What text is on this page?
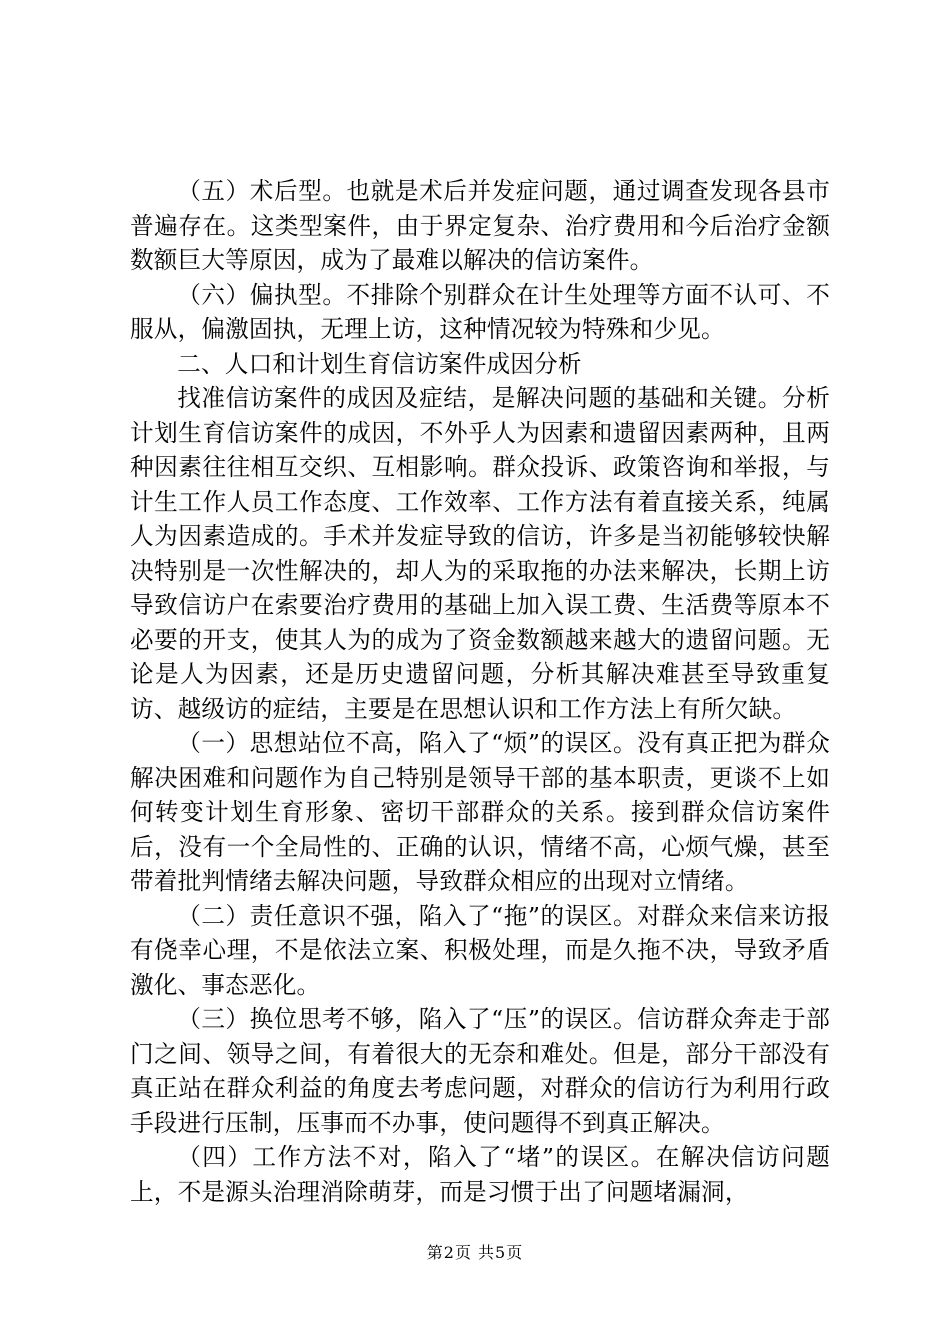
（五）术后型。也就是术后并发症问题，通过调查发现各县市普遍存在。这类型案件，由于界定复杂、治疗费用和今后治疗金额数额巨大等原因，成为了最难以解决的信访案件。

（六）偏执型。不排除个别群众在计生处理等方面不认可、不服从，偏激固执，无理上访，这种情况较为特殊和少见。

二、人口和计划生育信访案件成因分析

找准信访案件的成因及症结，是解决问题的基础和关键。分析计划生育信访案件的成因，不外乎人为因素和遗留因素两种，且两种因素往往相互交织、互相影响。群众投诉、政策咨询和举报，与计生工作人员工作态度、工作效率、工作方法有着直接关系，纯属人为因素造成的。手术并发症导致的信访，许多是当初能够较快解决特别是一次性解决的，却人为的采取拖的办法来解决，长期上访导致信访户在索要治疗费用的基础上加入误工费、生活费等原本不必要的开支，使其人为的成为了资金数额越来越大的遗留问题。无论是人为因素，还是历史遗留问题，分析其解决难甚至导致重复访、越级访的症结，主要是在思想认识和工作方法上有所欠缺。

（一）思想站位不高，陷入了“烦”的误区。没有真正把为群众解决困难和问题作为自己特别是领导干部的基本职责，更谈不上如何转变计划生育形象、密切干部群众的关系。接到群众信访案件后，没有一个全局性的、正确的认识，情绪不高，心烦气燥，甚至带着批判情绪去解决问题，导致群众相应的出现对立情绪。

（二）责任意识不强，陷入了“拖”的误区。对群众来信来访报有侥幸心理，不是依法立案、积极处理，而是久拖不决，导致矛盾激化、事态恶化。

（三）换位思考不够，陷入了“压”的误区。信访群众奔走于部门之间、领导之间，有着很大的无奈和难处。但是，部分干部没有真正站在群众利益的角度去考虑问题，对群众的信访行为利用行政手段进行压制，压事而不办事，使问题得不到真正解决。

（四）工作方法不对，陷入了“堵”的误区。在解决信访问题上，不是源头治理消除萌芽，而是习惯于出了问题堵漏洞，

第2页 共5页
